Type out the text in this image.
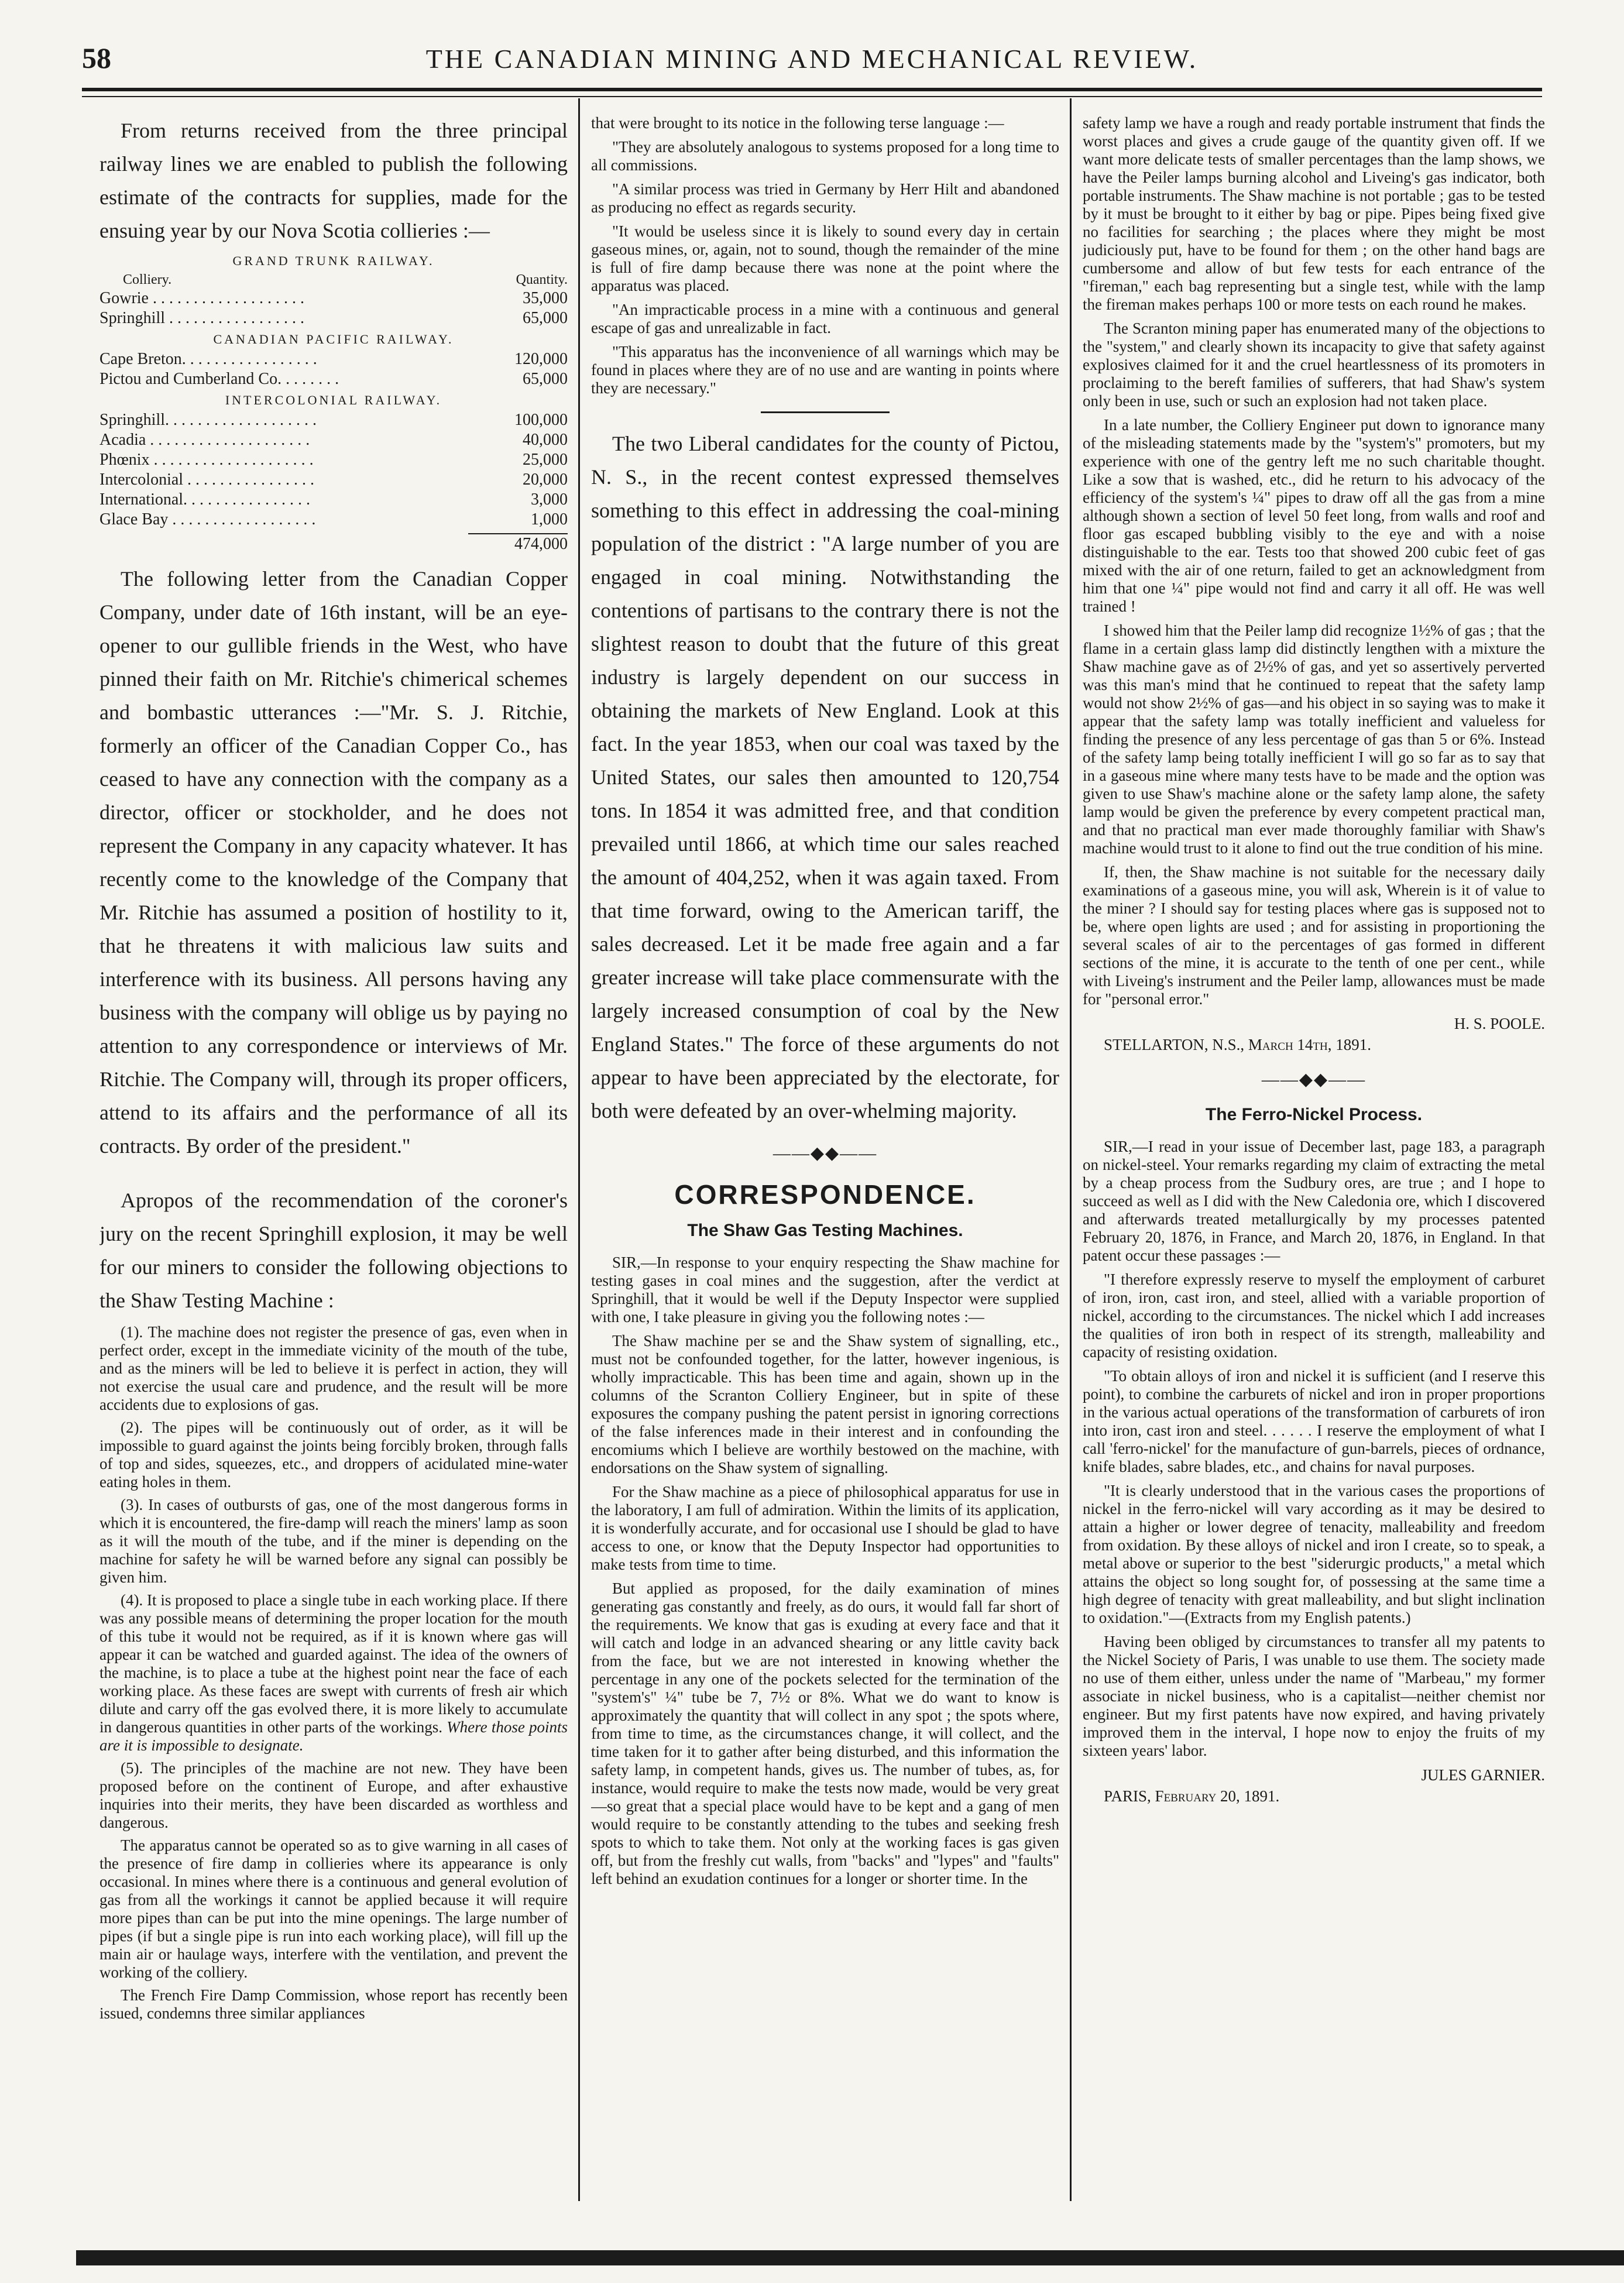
58	THE CANADIAN MINING AND MECHANICAL REVIEW.

From returns received from the three principal railway lines we are enabled to publish the following estimate of the contracts for supplies, made for the ensuing year by our Nova Scotia collieries :—

GRAND TRUNK RAILWAY.
Colliery.	Quantity.
Gowrie . . . . . . . . . . . . . . . . . . .	35,000
Springhill . . . . . . . . . . . . . . . . .	65,000
CANADIAN PACIFIC RAILWAY.
Cape Breton. . . . . . . . . . . . . . . . .	120,000
Pictou and Cumberland Co. . . . . . . .	65,000
INTERCOLONIAL RAILWAY.
Springhill. . . . . . . . . . . . . . . . . . .	100,000
Acadia . . . . . . . . . . . . . . . . . . . .	40,000
Phœnix . . . . . . . . . . . . . . . . . . . .	25,000
Intercolonial . . . . . . . . . . . . . . . .	20,000
International. . . . . . . . . . . . . . . .	3,000
Glace Bay . . . . . . . . . . . . . . . . . .	1,000
474,000

The following letter from the Canadian Copper Company, under date of 16th instant, will be an eye-opener to our gullible friends in the West, who have pinned their faith on Mr. Ritchie's chimerical schemes and bombastic utterances :—"Mr. S. J. Ritchie, formerly an officer of the Canadian Copper Co., has ceased to have any connection with the company as a director, officer or stockholder, and he does not represent the Company in any capacity whatever. It has recently come to the knowledge of the Company that Mr. Ritchie has assumed a position of hostility to it, that he threatens it with malicious law suits and interference with its business. All persons having any business with the company will oblige us by paying no attention to any correspondence or interviews of Mr. Ritchie. The Company will, through its proper officers, attend to its affairs and the performance of all its contracts. By order of the president."

Apropos of the recommendation of the coroner's jury on the recent Springhill explosion, it may be well for our miners to consider the following objections to the Shaw Testing Machine :

(1). The machine does not register the presence of gas, even when in perfect order, except in the immediate vicinity of the mouth of the tube, and as the miners will be led to believe it is perfect in action, they will not exercise the usual care and prudence, and the result will be more accidents due to explosions of gas.

(2). The pipes will be continuously out of order, as it will be impossible to guard against the joints being forcibly broken, through falls of top and sides, squeezes, etc., and droppers of acidulated mine-water eating holes in them.

(3). In cases of outbursts of gas, one of the most dangerous forms in which it is encountered, the fire-damp will reach the miners' lamp as soon as it will the mouth of the tube, and if the miner is depending on the machine for safety he will be warned before any signal can possibly be given him.

(4). It is proposed to place a single tube in each working place. If there was any possible means of determining the proper location for the mouth of this tube it would not be required, as if it is known where gas will appear it can be watched and guarded against. The idea of the owners of the machine, is to place a tube at the highest point near the face of each working place. As these faces are swept with currents of fresh air which dilute and carry off the gas evolved there, it is more likely to accumulate in dangerous quantities in other parts of the workings. Where those points are it is impossible to designate.

(5). The principles of the machine are not new. They have been proposed before on the continent of Europe, and after exhaustive inquiries into their merits, they have been discarded as worthless and dangerous.

The apparatus cannot be operated so as to give warning in all cases of the presence of fire damp in collieries where its appearance is only occasional. In mines where there is a continuous and general evolution of gas from all the workings it cannot be applied because it will require more pipes than can be put into the mine openings. The large number of pipes (if but a single pipe is run into each working place), will fill up the main air or haulage ways, interfere with the ventilation, and prevent the working of the colliery.

The French Fire Damp Commission, whose report has recently been issued, condemns three similar appliances

that were brought to its notice in the following terse language :—

"They are absolutely analogous to systems proposed for a long time to all commissions.

"A similar process was tried in Germany by Herr Hilt and abandoned as producing no effect as regards security.

"It would be useless since it is likely to sound every day in certain gaseous mines, or, again, not to sound, though the remainder of the mine is full of fire damp because there was none at the point where the apparatus was placed.

"An impracticable process in a mine with a continuous and general escape of gas and unrealizable in fact.

"This apparatus has the inconvenience of all warnings which may be found in places where they are of no use and are wanting in points where they are necessary."

The two Liberal candidates for the county of Pictou, N. S., in the recent contest expressed themselves something to this effect in addressing the coal-mining population of the district : "A large number of you are engaged in coal mining. Notwithstanding the contentions of partisans to the contrary there is not the slightest reason to doubt that the future of this great industry is largely dependent on our success in obtaining the markets of New England. Look at this fact. In the year 1853, when our coal was taxed by the United States, our sales then amounted to 120,754 tons. In 1854 it was admitted free, and that condition prevailed until 1866, at which time our sales reached the amount of 404,252, when it was again taxed. From that time forward, owing to the American tariff, the sales decreased. Let it be made free again and a far greater increase will take place commensurate with the largely increased consumption of coal by the New England States." The force of these arguments do not appear to have been appreciated by the electorate, for both were defeated by an over-whelming majority.

——◆◆——
CORRESPONDENCE.
The Shaw Gas Testing Machines.

SIR,—In response to your enquiry respecting the Shaw machine for testing gases in coal mines and the suggestion, after the verdict at Springhill, that it would be well if the Deputy Inspector were supplied with one, I take pleasure in giving you the following notes :—

The Shaw machine per se and the Shaw system of signalling, etc., must not be confounded together, for the latter, however ingenious, is wholly impracticable. This has been time and again, shown up in the columns of the Scranton Colliery Engineer, but in spite of these exposures the company pushing the patent persist in ignoring corrections of the false inferences made in their interest and in confounding the encomiums which I believe are worthily bestowed on the machine, with endorsations on the Shaw system of signalling.

For the Shaw machine as a piece of philosophical apparatus for use in the laboratory, I am full of admiration. Within the limits of its application, it is wonderfully accurate, and for occasional use I should be glad to have access to one, or know that the Deputy Inspector had opportunities to make tests from time to time.

But applied as proposed, for the daily examination of mines generating gas constantly and freely, as do ours, it would fall far short of the requirements. We know that gas is exuding at every face and that it will catch and lodge in an advanced shearing or any little cavity back from the face, but we are not interested in knowing whether the percentage in any one of the pockets selected for the termination of the "system's" ¼" tube be 7, 7½ or 8%. What we do want to know is approximately the quantity that will collect in any spot ; the spots where, from time to time, as the circumstances change, it will collect, and the time taken for it to gather after being disturbed, and this information the safety lamp, in competent hands, gives us. The number of tubes, as, for instance, would require to make the tests now made, would be very great—so great that a special place would have to be kept and a gang of men would require to be constantly attending to the tubes and seeking fresh spots to which to take them. Not only at the working faces is gas given off, but from the freshly cut walls, from "backs" and "lypes" and "faults" left behind an exudation continues for a longer or shorter time. In the

safety lamp we have a rough and ready portable instrument that finds the worst places and gives a crude gauge of the quantity given off. If we want more delicate tests of smaller percentages than the lamp shows, we have the Peiler lamps burning alcohol and Liveing's gas indicator, both portable instruments. The Shaw machine is not portable ; gas to be tested by it must be brought to it either by bag or pipe. Pipes being fixed give no facilities for searching ; the places where they might be most judiciously put, have to be found for them ; on the other hand bags are cumbersome and allow of but few tests for each entrance of the "fireman," each bag representing but a single test, while with the lamp the fireman makes perhaps 100 or more tests on each round he makes.

The Scranton mining paper has enumerated many of the objections to the "system," and clearly shown its incapacity to give that safety against explosives claimed for it and the cruel heartlessness of its promoters in proclaiming to the bereft families of sufferers, that had Shaw's system only been in use, such or such an explosion had not taken place.

In a late number, the Colliery Engineer put down to ignorance many of the misleading statements made by the "system's" promoters, but my experience with one of the gentry left me no such charitable thought. Like a sow that is washed, etc., did he return to his advocacy of the efficiency of the system's ¼" pipes to draw off all the gas from a mine although shown a section of level 50 feet long, from walls and roof and floor gas escaped bubbling visibly to the eye and with a noise distinguishable to the ear. Tests too that showed 200 cubic feet of gas mixed with the air of one return, failed to get an acknowledgment from him that one ¼" pipe would not find and carry it all off. He was well trained !

I showed him that the Peiler lamp did recognize 1½% of gas ; that the flame in a certain glass lamp did distinctly lengthen with a mixture the Shaw machine gave as of 2½% of gas, and yet so assertively perverted was this man's mind that he continued to repeat that the safety lamp would not show 2½% of gas—and his object in so saying was to make it appear that the safety lamp was totally inefficient and valueless for finding the presence of any less percentage of gas than 5 or 6%. Instead of the safety lamp being totally inefficient I will go so far as to say that in a gaseous mine where many tests have to be made and the option was given to use Shaw's machine alone or the safety lamp alone, the safety lamp would be given the preference by every competent practical man, and that no practical man ever made thoroughly familiar with Shaw's machine would trust to it alone to find out the true condition of his mine.

If, then, the Shaw machine is not suitable for the necessary daily examinations of a gaseous mine, you will ask, Wherein is it of value to the miner ? I should say for testing places where gas is supposed not to be, where open lights are used ; and for assisting in proportioning the several scales of air to the percentages of gas formed in different sections of the mine, it is accurate to the tenth of one per cent., while with Liveing's instrument and the Peiler lamp, allowances must be made for "personal error."

H. S. POOLE.
STELLARTON, N.S., March 14th, 1891.
——◆◆——
The Ferro-Nickel Process.

SIR,—I read in your issue of December last, page 183, a paragraph on nickel-steel. Your remarks regarding my claim of extracting the metal by a cheap process from the Sudbury ores, are true ; and I hope to succeed as well as I did with the New Caledonia ore, which I discovered and afterwards treated metallurgically by my processes patented February 20, 1876, in France, and March 20, 1876, in England. In that patent occur these passages :—

"I therefore expressly reserve to myself the employment of carburet of iron, iron, cast iron, and steel, allied with a variable proportion of nickel, according to the circumstances. The nickel which I add increases the qualities of iron both in respect of its strength, malleability and capacity of resisting oxidation.

"To obtain alloys of iron and nickel it is sufficient (and I reserve this point), to combine the carburets of nickel and iron in proper proportions in the various actual operations of the transformation of carburets of iron into iron, cast iron and steel. . . . . . I reserve the employment of what I call 'ferro-nickel' for the manufacture of gun-barrels, pieces of ordnance, knife blades, sabre blades, etc., and chains for naval purposes.

"It is clearly understood that in the various cases the proportions of nickel in the ferro-nickel will vary according as it may be desired to attain a higher or lower degree of tenacity, malleability and freedom from oxidation. By these alloys of nickel and iron I create, so to speak, a metal above or superior to the best "siderurgic products," a metal which attains the object so long sought for, of possessing at the same time a high degree of tenacity with great malleability, and but slight inclination to oxidation."—(Extracts from my English patents.)

Having been obliged by circumstances to transfer all my patents to the Nickel Society of Paris, I was unable to use them. The society made no use of them either, unless under the name of "Marbeau," my former associate in nickel business, who is a capitalist—neither chemist nor engineer. But my first patents have now expired, and having privately improved them in the interval, I hope now to enjoy the fruits of my sixteen years' labor.

JULES GARNIER.
PARIS, February 20, 1891.
